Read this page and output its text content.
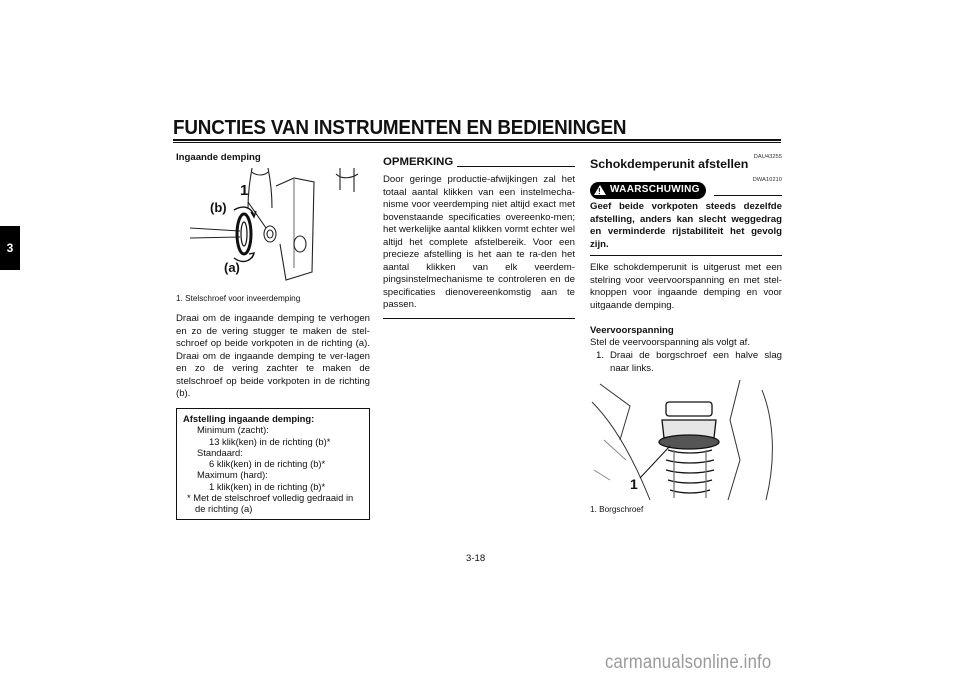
FUNCTIES VAN INSTRUMENTEN EN BEDIENINGEN
3
Ingaande demping
1
(b)
(a)
1. Stelschroef voor inveerdemping
Draai om de ingaande demping te verhogen en zo de vering stugger te maken de stel-schroef op beide vorkpoten in de richting (a). Draai om de ingaande demping te ver-lagen en zo de vering zachter te maken de stelschroef op beide vorkpoten in de richting (b).
Afstelling ingaande demping:
Minimum (zacht):
13 klik(ken) in de richting (b)*
Standaard:
6 klik(ken) in de richting (b)*
Maximum (hard):
1 klik(ken) in de richting (b)*
* Met de stelschroef volledig gedraaid in de richting (a)
OPMERKING
Door geringe productie-afwijkingen zal het totaal aantal klikken van een instelmecha-nisme voor veerdemping niet altijd exact met bovenstaande specificaties overeenko-men; het werkelijke aantal klikken vormt echter wel altijd het complete afstelbereik. Voor een precieze afstelling is het aan te ra-den het aantal klikken van elk veerdem-pingsinstelmechanisme te controleren en de specificaties dienovereenkomstig aan te passen.
DAU43255
Schokdemperunit afstellen
DWA10210
! WAARSCHUWING
Geef beide vorkpoten steeds dezelfde afstelling, anders kan slecht weggedrag en verminderde rijstabiliteit het gevolg zijn.
Elke schokdemperunit is uitgerust met een stelring voor veervoorspanning en met stel-knoppen voor ingaande demping en voor uitgaande demping.
Veervoorspanning
Stel de veervoorspanning als volgt af.
1. Draai de borgschroef een halve slag naar links.
1
1. Borgschroef
3-18
carmanualsonline.info
